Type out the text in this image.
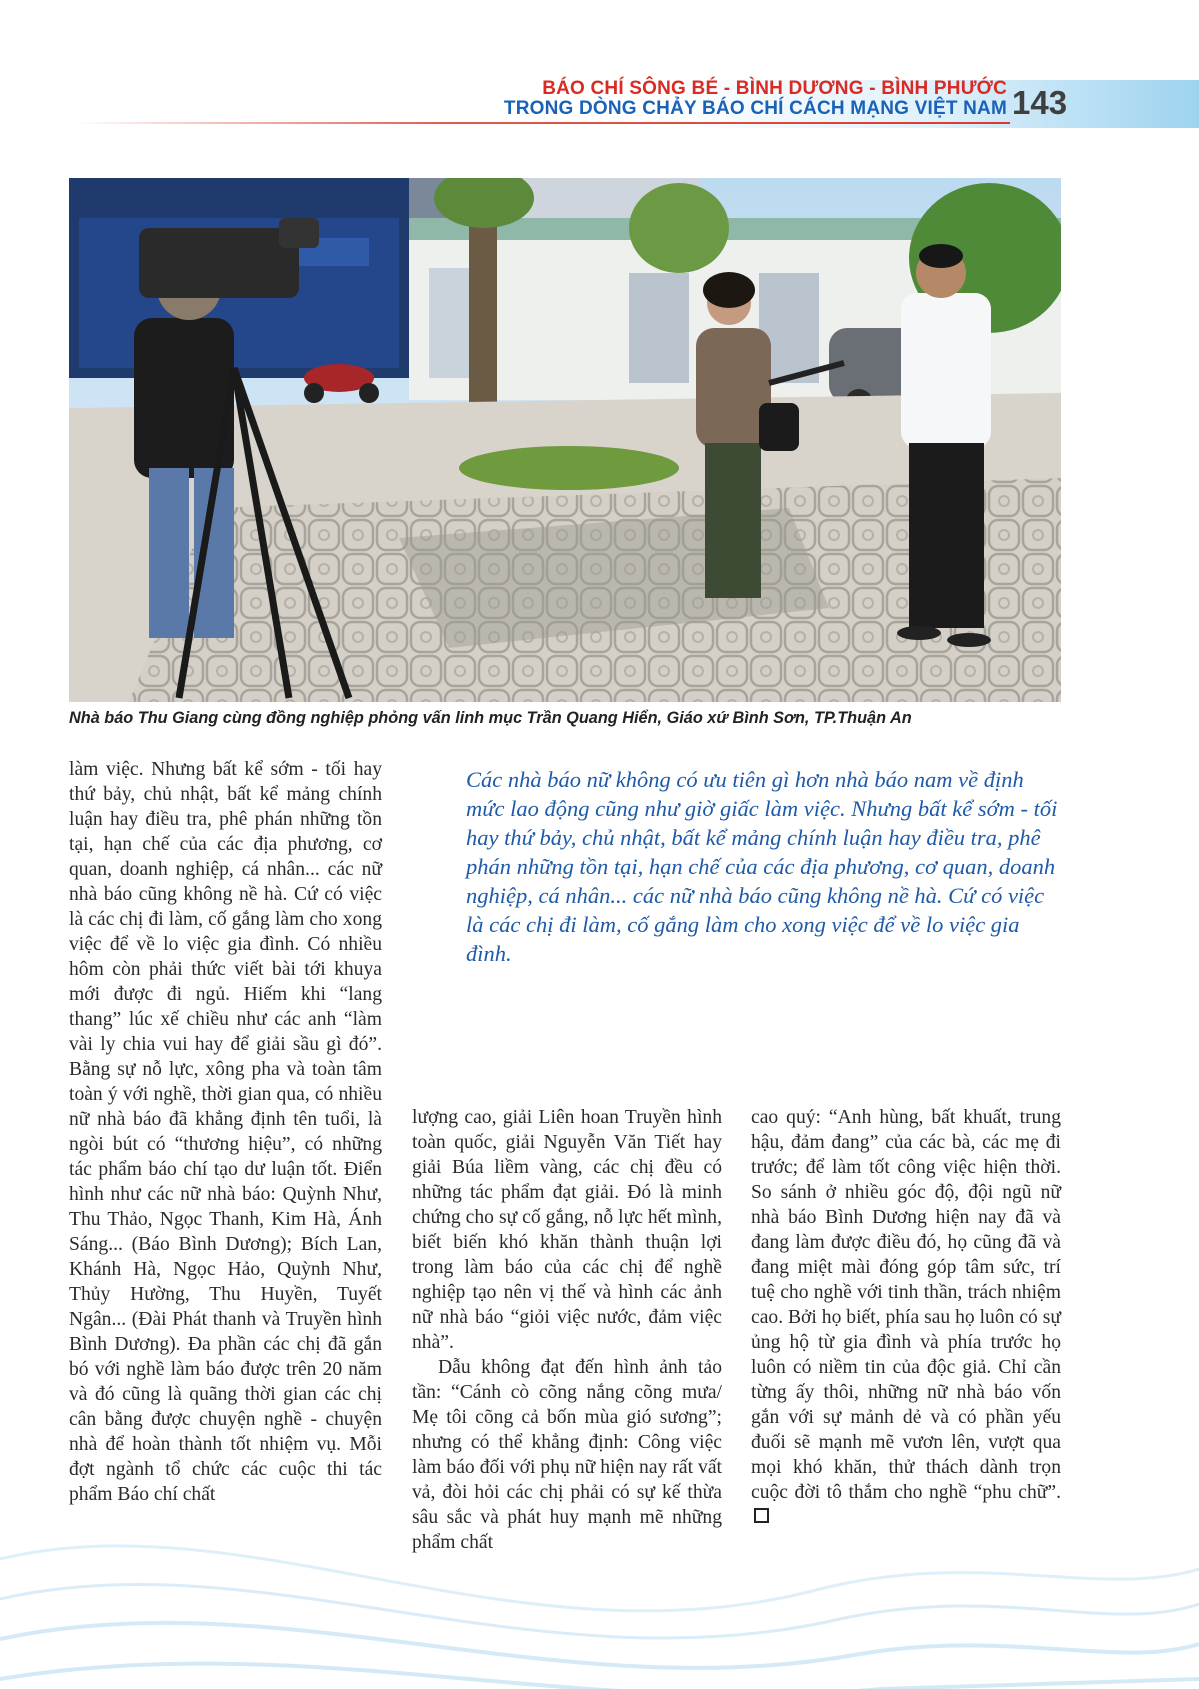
BÁO CHÍ SÔNG BÉ - BÌNH DƯƠNG - BÌNH PHƯỚC
TRONG DÒNG CHẢY BÁO CHÍ CÁCH MẠNG VIỆT NAM 143
Nhà báo Thu Giang cùng đồng nghiệp phỏng vấn linh mục Trần Quang Hiển, Giáo xứ Bình Sơn, TP.Thuận An
Các nhà báo nữ không có ưu tiên gì hơn nhà báo nam về định mức lao động cũng như giờ giấc làm việc. Nhưng bất kể sớm - tối hay thứ bảy, chủ nhật, bất kể mảng chính luận hay điều tra, phê phán những tồn tại, hạn chế của các địa phương, cơ quan, doanh nghiệp, cá nhân... các nữ nhà báo cũng không nề hà. Cứ có việc là các chị đi làm, cố gắng làm cho xong việc để về lo việc gia đình.

làm việc. Nhưng bất kể sớm - tối hay thứ bảy, chủ nhật, bất kể mảng chính luận hay điều tra, phê phán những tồn tại, hạn chế của các địa phương, cơ quan, doanh nghiệp, cá nhân... các nữ nhà báo cũng không nề hà. Cứ có việc là các chị đi làm, cố gắng làm cho xong việc để về lo việc gia đình. Có nhiều hôm còn phải thức viết bài tới khuya mới được đi ngủ. Hiếm khi “lang thang” lúc xế chiều như các anh “làm vài ly chia vui hay để giải sầu gì đó”. Bằng sự nỗ lực, xông pha và toàn tâm toàn ý với nghề, thời gian qua, có nhiều nữ nhà báo đã khẳng định tên tuổi, là ngòi bút có “thương hiệu”, có những tác phẩm báo chí tạo dư luận tốt. Điển hình như các nữ nhà báo: Quỳnh Như, Thu Thảo, Ngọc Thanh, Kim Hà, Ánh Sáng... (Báo Bình Dương); Bích Lan, Khánh Hà, Ngọc Hảo, Quỳnh Như, Thủy Hường, Thu Huyền, Tuyết Ngân... (Đài Phát thanh và Truyền hình Bình Dương). Đa phần các chị đã gắn bó với nghề làm báo được trên 20 năm và đó cũng là quãng thời gian các chị cân bằng được chuyện nghề - chuyện nhà để hoàn thành tốt nhiệm vụ. Mỗi đợt ngành tổ chức các cuộc thi tác phẩm Báo chí chất

lượng cao, giải Liên hoan Truyền hình toàn quốc, giải Nguyễn Văn Tiết hay giải Búa liềm vàng, các chị đều có những tác phẩm đạt giải. Đó là minh chứng cho sự cố gắng, nỗ lực hết mình, biết biến khó khăn thành thuận lợi trong làm báo của các chị để nghề nghiệp tạo nên vị thế và hình các ảnh nữ nhà báo “giỏi việc nước, đảm việc nhà”.

Dẫu không đạt đến hình ảnh tảo tần: “Cánh cò cõng nắng cõng mưa/ Mẹ tôi cõng cả bốn mùa gió sương”; nhưng có thể khẳng định: Công việc làm báo đối với phụ nữ hiện nay rất vất vả, đòi hỏi các chị phải có sự kế thừa sâu sắc và phát huy mạnh mẽ những phẩm chất

cao quý: “Anh hùng, bất khuất, trung hậu, đảm đang” của các bà, các mẹ đi trước; để làm tốt công việc hiện thời. So sánh ở nhiều góc độ, đội ngũ nữ nhà báo Bình Dương hiện nay đã và đang làm được điều đó, họ cũng đã và đang miệt mài đóng góp tâm sức, trí tuệ cho nghề với tinh thần, trách nhiệm cao. Bởi họ biết, phía sau họ luôn có sự ủng hộ từ gia đình và phía trước họ luôn có niềm tin của độc giả. Chỉ cần từng ấy thôi, những nữ nhà báo vốn gắn với sự mảnh dẻ và có phần yếu đuối sẽ mạnh mẽ vươn lên, vượt qua mọi khó khăn, thử thách dành trọn cuộc đời tô thắm cho nghề “phu chữ”.
